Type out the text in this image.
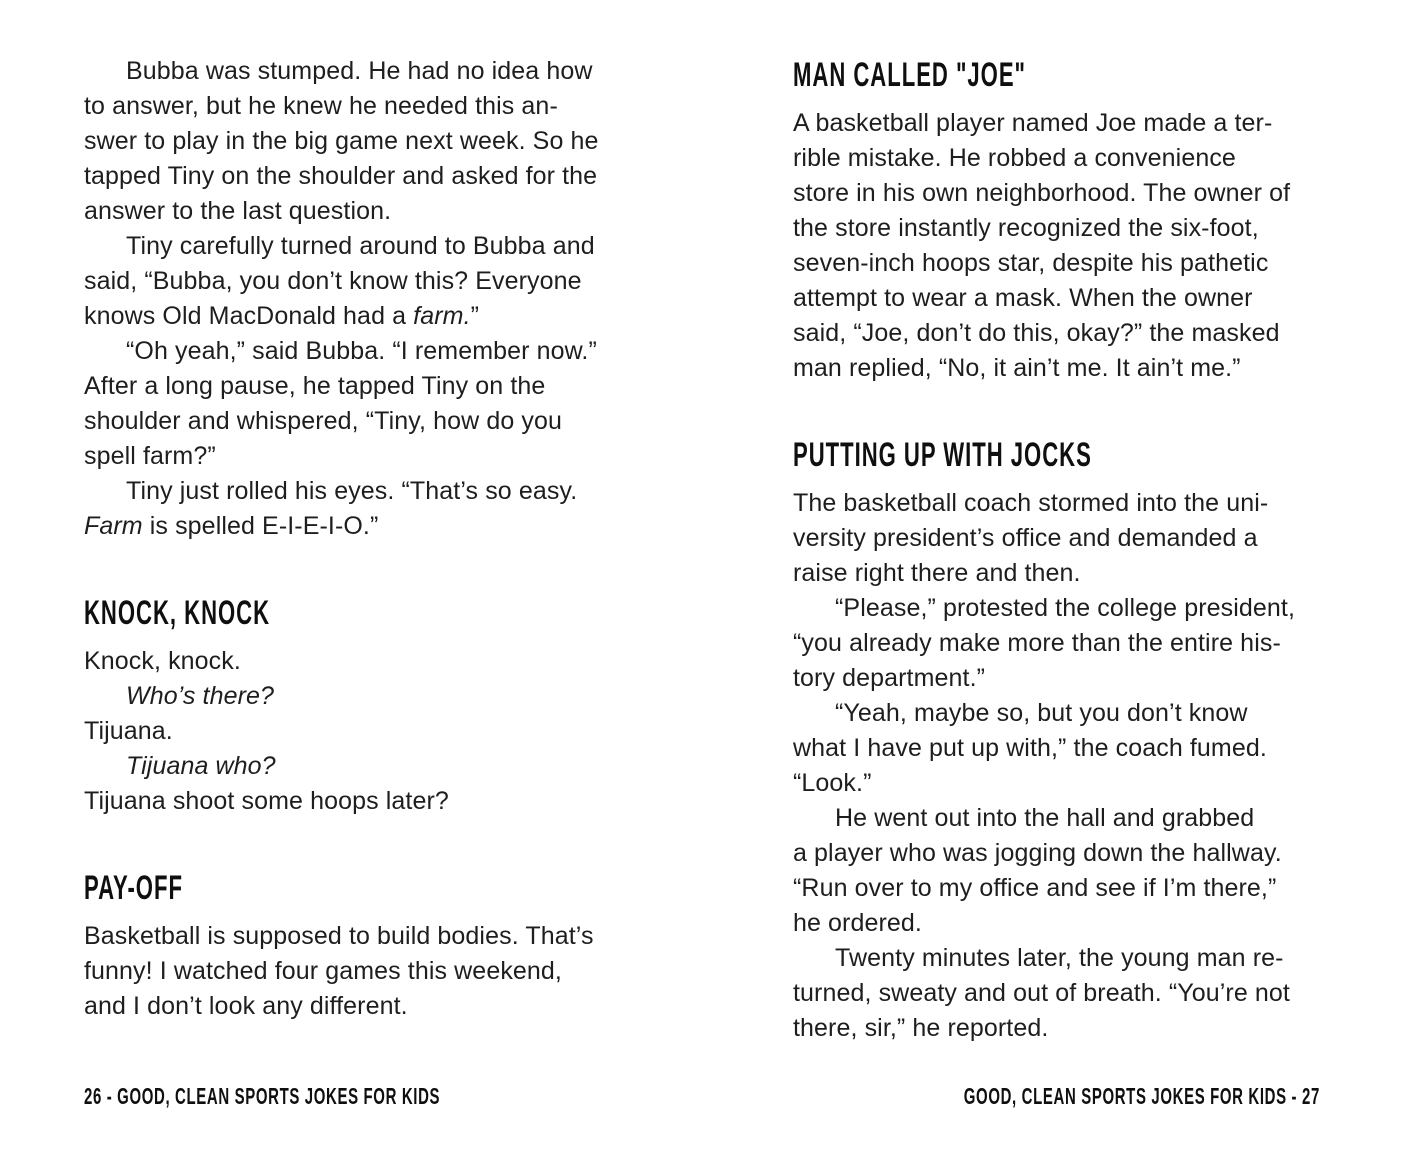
Bubba was stumped. He had no idea how
to answer, but he knew he needed this an-
swer to play in the big game next week. So he
tapped Tiny on the shoulder and asked for the
answer to the last question.
Tiny carefully turned around to Bubba and
said, “Bubba, you don’t know this? Everyone
knows Old MacDonald had a farm.”
“Oh yeah,” said Bubba. “I remember now.”
After a long pause, he tapped Tiny on the
shoulder and whispered, “Tiny, how do you
spell farm?”
Tiny just rolled his eyes. “That’s so easy.
Farm is spelled E-I-E-I-O.”
KNOCK, KNOCK
Knock, knock.
Who’s there?
Tijuana.
Tijuana who?
Tijuana shoot some hoops later?
PAY-OFF
Basketball is supposed to build bodies. That’s
funny! I watched four games this weekend,
and I don’t look any different.
MAN CALLED "JOE"
A basketball player named Joe made a ter-
rible mistake. He robbed a convenience
store in his own neighborhood. The owner of
the store instantly recognized the six-foot,
seven-inch hoops star, despite his pathetic
attempt to wear a mask. When the owner
said, “Joe, don’t do this, okay?” the masked
man replied, “No, it ain’t me. It ain’t me.”
PUTTING UP WITH JOCKS
The basketball coach stormed into the uni-
versity president’s office and demanded a
raise right there and then.
“Please,” protested the college president,
“you already make more than the entire his-
tory department.”
“Yeah, maybe so, but you don’t know
what I have put up with,” the coach fumed.
“Look.”
He went out into the hall and grabbed
a player who was jogging down the hallway.
“Run over to my office and see if I’m there,”
he ordered.
Twenty minutes later, the young man re-
turned, sweaty and out of breath. “You’re not
there, sir,” he reported.
26 - GOOD, CLEAN SPORTS JOKES FOR KIDS	GOOD, CLEAN SPORTS JOKES FOR KIDS - 27
